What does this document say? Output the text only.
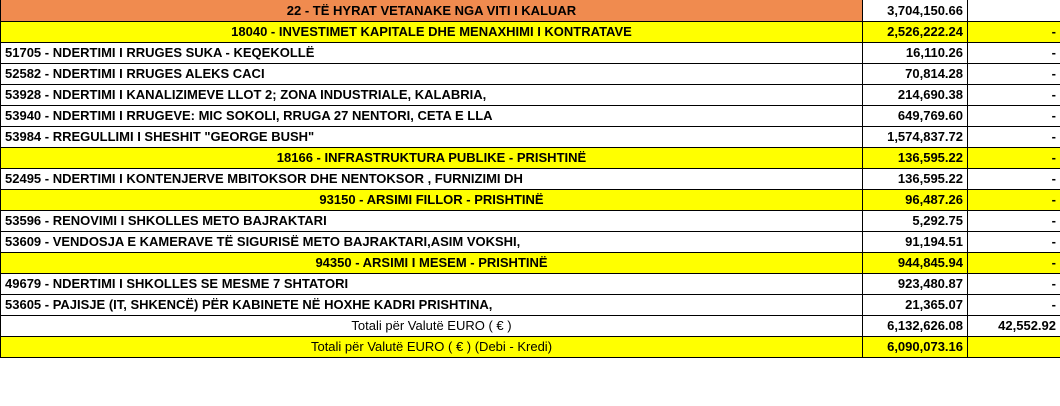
22 - TË HYRAT VETANAKE NGA VITI I KALUAR	3,704,150.66	
18040 - INVESTIMET KAPITALE DHE MENAXHIMI I KONTRATAVE	2,526,222.24	-
51705 - NDERTIMI I RRUGES SUKA - KEQEKOLLË	16,110.26	-
52582 - NDERTIMI I RRUGES ALEKS CACI	70,814.28	-
53928 - NDERTIMI I KANALIZIMEVE LLOT 2; ZONA INDUSTRIALE, KALABRIA,	214,690.38	-
53940 - NDERTIMI I RRUGEVE: MIC SOKOLI, RRUGA 27 NENTORI, CETA E LLA	649,769.60	-
53984 - RREGULLIMI I SHESHIT "GEORGE BUSH"	1,574,837.72	-
18166 - INFRASTRUKTURA PUBLIKE - PRISHTINË	136,595.22	-
52495 - NDERTIMI I KONTENJERVE MBITOKSOR DHE NENTOKSOR , FURNIZIMI DH	136,595.22	-
93150 - ARSIMI FILLOR - PRISHTINË	96,487.26	-
53596 - RENOVIMI I SHKOLLES METO BAJRAKTARI	5,292.75	-
53609 - VENDOSJA E KAMERAVE TË SIGURISË METO BAJRAKTARI,ASIM VOKSHI,	91,194.51	-
94350 - ARSIMI I MESEM - PRISHTINË	944,845.94	-
49679 - NDERTIMI I SHKOLLES SE MESME 7 SHTATORI	923,480.87	-
53605 - PAJISJE (IT, SHKENCË) PËR KABINETE NË HOXHE KADRI PRISHTINA,	21,365.07	-
Totali për Valutë EURO ( € )	6,132,626.08	42,552.92
Totali për Valutë EURO ( € ) (Debi - Kredi)	6,090,073.16	
